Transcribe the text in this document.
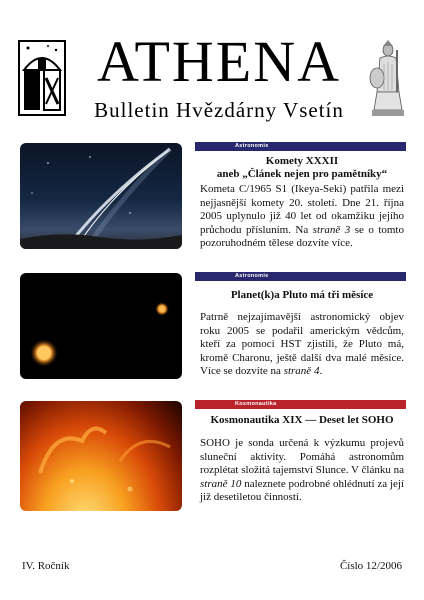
ATHENA
Bulletin Hvězdárny Vsetín
Astronomie
Komety XXXII
aneb „Článek nejen pro pamětníky“
Kometa C/1965 S1 (Ikeya-Seki) patřila mezi nejjasnější komety 20. století. Dne 21. října 2005 uplynulo již 40 let od okamžiku jejího průchodu přísluním. Na straně 3 se o tomto pozoruhodném tělese dozvíte více.
Astronomie
Planet(k)a Pluto má tři měsíce
Patrně nejzajímavější astronomický objev roku 2005 se podařil americkým vědcům, kteří za pomoci HST zjistili, že Pluto má, kromě Charonu, ještě další dva malé měsíce. Více se dozvíte na straně 4.
Kosmonautika
Kosmonautika XIX — Deset let SOHO
SOHO je sonda určená k výzkumu projevů sluneční aktivity. Pomáhá astronomům rozplétat složitá tajemství Slunce. V článku na straně 10 naleznete podrobné ohlédnutí za její již desetiletou činností.
IV. Ročník	Číslo 12/2006
